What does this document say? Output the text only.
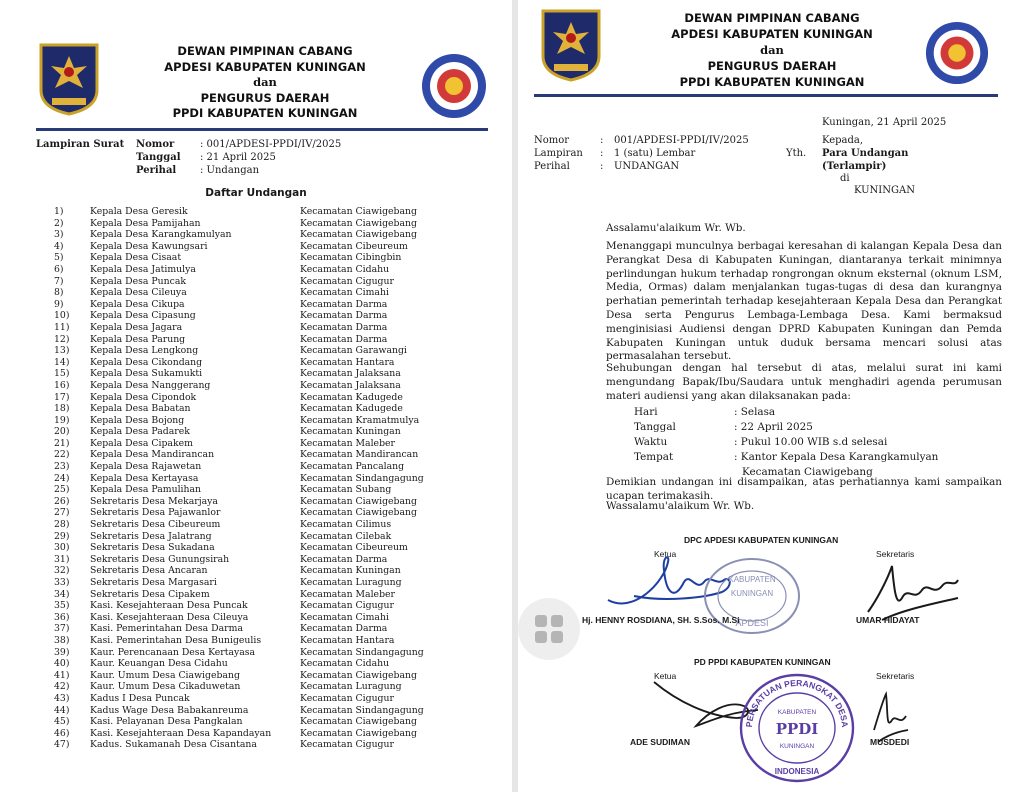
DEWAN PIMPINAN CABANG
APDESI KABUPATEN KUNINGAN
dan
PENGURUS DAERAH
PPDI KABUPATEN KUNINGAN
Lampiran Surat	Nomor	: 001/APDESI-PPDI/IV/2025
	Tanggal	: 21 April 2025
	Perihal	: Undangan
Daftar Undangan
1)	Kepala Desa Geresik	Kecamatan Ciawigebang
2)	Kepala Desa Pamijahan	Kecamatan Ciawigebang
3)	Kepala Desa Karangkamulyan	Kecamatan Ciawigebang
4)	Kepala Desa Kawungsari	Kecamatan Cibeureum
5)	Kepala Desa Cisaat	Kecamatan Cibingbin
6)	Kepala Desa Jatimulya	Kecamatan Cidahu
7)	Kepala Desa Puncak	Kecamatan Cigugur
8)	Kepala Desa Cileuya	Kecamatan Cimahi
9)	Kepala Desa Cikupa	Kecamatan Darma
10)	Kepala Desa Cipasung	Kecamatan Darma
11)	Kepala Desa Jagara	Kecamatan Darma
12)	Kepala Desa Parung	Kecamatan Darma
13)	Kepala Desa Lengkong	Kecamatan Garawangi
14)	Kepala Desa Cikondang	Kecamatan Hantara
15)	Kepala Desa Sukamukti	Kecamatan Jalaksana
16)	Kepala Desa Nanggerang	Kecamatan Jalaksana
17)	Kepala Desa Cipondok	Kecamatan Kadugede
18)	Kepala Desa Babatan	Kecamatan Kadugede
19)	Kepala Desa Bojong	Kecamatan Kramatmulya
20)	Kepala Desa Padarek	Kecamatan Kuningan
21)	Kepala Desa Cipakem	Kecamatan Maleber
22)	Kepala Desa Mandirancan	Kecamatan Mandirancan
23)	Kepala Desa Rajawetan	Kecamatan Pancalang
24)	Kepala Desa Kertayasa	Kecamatan Sindangagung
25)	Kepala Desa Pamulihan	Kecamatan Subang
26)	Sekretaris Desa Mekarjaya	Kecamatan Ciawigebang
27)	Sekretaris Desa Pajawanlor	Kecamatan Ciawigebang
28)	Sekretaris Desa Cibeureum	Kecamatan Cilimus
29)	Sekretaris Desa Jalatrang	Kecamatan Cilebak
30)	Sekretaris Desa Sukadana	Kecamatan Cibeureum
31)	Sekretaris Desa Gunungsirah	Kecamatan Darma
32)	Sekretaris Desa Ancaran	Kecamatan Kuningan
33)	Sekretaris Desa Margasari	Kecamatan Luragung
34)	Sekretaris Desa Cipakem	Kecamatan Maleber
35)	Kasi. Kesejahteraan Desa Puncak	Kecamatan Cigugur
36)	Kasi. Kesejahteraan Desa Cileuya	Kecamatan Cimahi
37)	Kasi. Pemerintahan Desa Darma	Kecamatan Darma
38)	Kasi. Pemerintahan Desa Bunigeulis	Kecamatan Hantara
39)	Kaur. Perencanaan Desa Kertayasa	Kecamatan Sindangagung
40)	Kaur. Keuangan Desa Cidahu	Kecamatan Cidahu
41)	Kaur. Umum Desa Ciawigebang	Kecamatan Ciawigebang
42)	Kaur. Umum Desa Cikaduwetan	Kecamatan Luragung
43)	Kadus I Desa Puncak	Kecamatan Cigugur
44)	Kadus Wage Desa Babakanreuma	Kecamatan Sindangagung
45)	Kasi. Pelayanan Desa Pangkalan	Kecamatan Ciawigebang
46)	Kasi. Kesejahteraan Desa Kapandayan	Kecamatan Ciawigebang
47)	Kadus. Sukamanah Desa Cisantana	Kecamatan Cigugur
DEWAN PIMPINAN CABANG
APDESI KABUPATEN KUNINGAN
dan
PENGURUS DAERAH
PPDI KABUPATEN KUNINGAN
Kuningan, 21 April 2025
Nomor	:	001/APDESI-PPDI/IV/2025
Lampiran	:	1 (satu) Lembar
Perihal	:	UNDANGAN
Kepada,
Yth. Para Undangan
(Terlampir)
di
KUNINGAN
Assalamu'alaikum Wr. Wb.
Menanggapi munculnya berbagai keresahan di kalangan Kepala Desa dan Perangkat Desa di Kabupaten Kuningan, diantaranya terkait minimnya perlindungan hukum terhadap rongrongan oknum eksternal (oknum LSM, Media, Ormas) dalam menjalankan tugas-tugas di desa dan kurangnya perhatian pemerintah terhadap kesejahteraan Kepala Desa dan Perangkat Desa serta Pengurus Lembaga-Lembaga Desa. Kami bermaksud menginisiasi Audiensi dengan DPRD Kabupaten Kuningan dan Pemda Kabupaten Kuningan untuk duduk bersama mencari solusi atas permasalahan tersebut.
Sehubungan dengan hal tersebut di atas, melalui surat ini kami mengundang Bapak/Ibu/Saudara untuk menghadiri agenda perumusan materi audiensi yang akan dilaksanakan pada:
Hari	: Selasa
Tanggal	: 22 April 2025
Waktu	: Pukul 10.00 WIB s.d selesai
Tempat	: Kantor Kepala Desa Karangkamulyan
	Kecamatan Ciawigebang
Demikian undangan ini disampaikan, atas perhatiannya kami sampaikan ucapan terimakasih.
Wassalamu'alaikum Wr. Wb.
DPC APDESI KABUPATEN KUNINGAN
Ketua	Sekretaris
KABUPATEN
KUNINGAN
APDESI
Hj. HENNY ROSDIANA, SH. S.Sos. M.Si	UMAR HIDAYAT
PD PPDI KABUPATEN KUNINGAN
Ketua	Sekretaris
PERSATUAN PERANGKAT DESA
KABUPATEN
PPDI
KUNINGAN
INDONESIA
ADE SUDIMAN	MUSDEDI
